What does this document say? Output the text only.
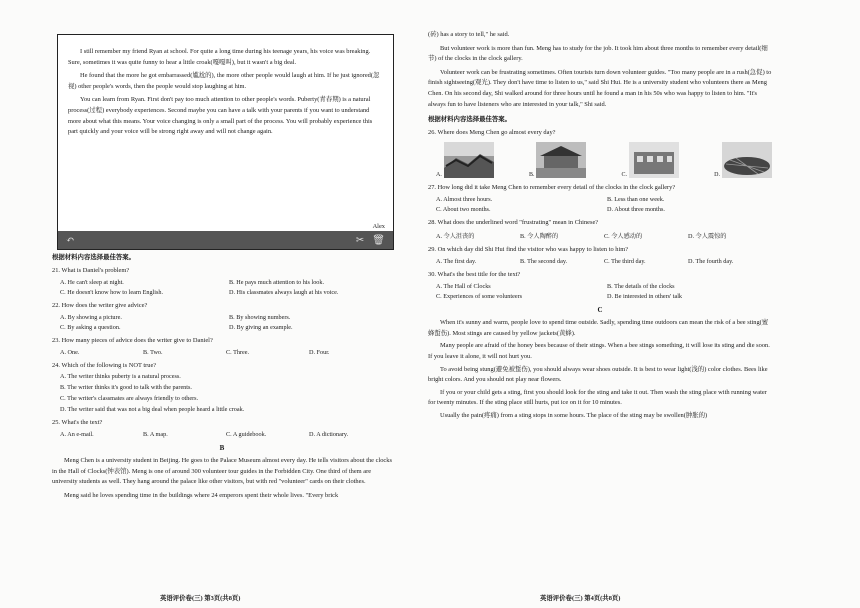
I still remember my friend Ryan at school. For quite a long time during his teenage years, his voice was breaking. Sure, sometimes it was quite funny to hear a little croak(嘎嘎叫), but it wasn't a big deal.

He found that the more he got embarrassed(尴尬的), the more other people would laugh at him. If he just ignored(忽视) other people's words, then the people would stop laughing at him.

You can learn from Ryan. First don't pay too much attention to other people's words. Puberty(青春期) is a natural process(过程) everybody experiences. Second maybe you can have a talk with your parents if you want to understand more about what this means. Your voice changing is only a small part of the process. You will probably experience this part quickly and your voice will be strong right away and will not change again.

Alex
↶	✂ 🗑

根据材料内容选择最佳答案。

21. What is Daniel's problem?
A. He can't sleep at night.	B. He pays much attention to his look.
C. He doesn't know how to learn English.	D. His classmates always laugh at his voice.
22. How does the writer give advice?
A. By showing a picture.	B. By showing numbers.
C. By asking a question.	D. By giving an example.
23. How many pieces of advice does the writer give to Daniel?
A. One.	B. Two.	C. Three.	D. Four.
24. Which of the following is NOT true?
A. The writer thinks puberty is a natural process.
B. The writer thinks it's good to talk with the parents.
C. The writer's classmates are always friendly to others.
D. The writer said that was not a big deal when people heard a little croak.
25. What's the text?
A. An e-mail.	B. A map.	C. A guidebook.	D. A dictionary.
B

Meng Chen is a university student in Beijing. He goes to the Palace Museum almost every day. He tells visitors about the clocks in the Hall of Clocks(钟表馆). Meng is one of around 300 volunteer tour guides in the Forbidden City. One third of them are university students as well. They hang around the palace like other visitors, but with red "volunteer" cards on their clothes.

Meng said he loves spending time in the buildings where 24 emperors spent their whole lives. "Every brick

英语评价卷(三) 第3页(共8页)

(砖) has a story to tell," he said.

But volunteer work is more than fun. Meng has to study for the job. It took him about three months to remember every detail(细节) of the clocks in the clock gallery.

Volunteer work can be frustrating sometimes. Often tourists turn down volunteer guides. "Too many people are in a rush(急促) to finish sightseeing(观光). They don't have time to listen to us," said Shi Hui. He is a university student who volunteers there as Meng Chen. On his second day, Shi walked around for three hours until he found a man in his 50s who was happy to listen to him. "It's always fun to have listeners who are interested in your talk," Shi said.

根据材料内容选择最佳答案。

26. Where does Meng Chen go almost every day?
A.	B.	C.	D.
27. How long did it take Meng Chen to remember every detail of the clocks in the clock gallery?
A. Almost three hours.	B. Less than one week.
C. About two months.	D. About three months.
28. What does the underlined word "frustrating" mean in Chinese?
A. 令人沮丧的	B. 令人陶醉的	C. 令人感动的	D. 令人震惊的
29. On which day did Shi Hui find the visitor who was happy to listen to him?
A. The first day.	B. The second day.	C. The third day.	D. The fourth day.
30. What's the best title for the text?
A. The Hall of Clocks	B. The details of the clocks
C. Experiences of some volunteers	D. Be interested in others' talk
C

When it's sunny and warm, people love to spend time outside. Sadly, spending time outdoors can mean the risk of a bee sting(蜜蜂蜇伤). Most stings are caused by yellow jackets(黄蜂).

Many people are afraid of the honey bees because of their stings. When a bee stings something, it will lose its sting and die soon. If you leave it alone, it will not hurt you.

To avoid being stung(避免被蜇伤), you should always wear shoes outside. It is best to wear light(浅的) color clothes. Bees like bright colors. And you should not play near flowers.

If you or your child gets a sting, first you should look for the sting and take it out. Then wash the sting place with running water for twenty minutes. If the sting place still hurts, put ice on it for 10 minutes.

Usually the pain(疼痛) from a sting stops in some hours. The place of the sting may be swollen(肿胀的)

英语评价卷(三) 第4页(共8页)
